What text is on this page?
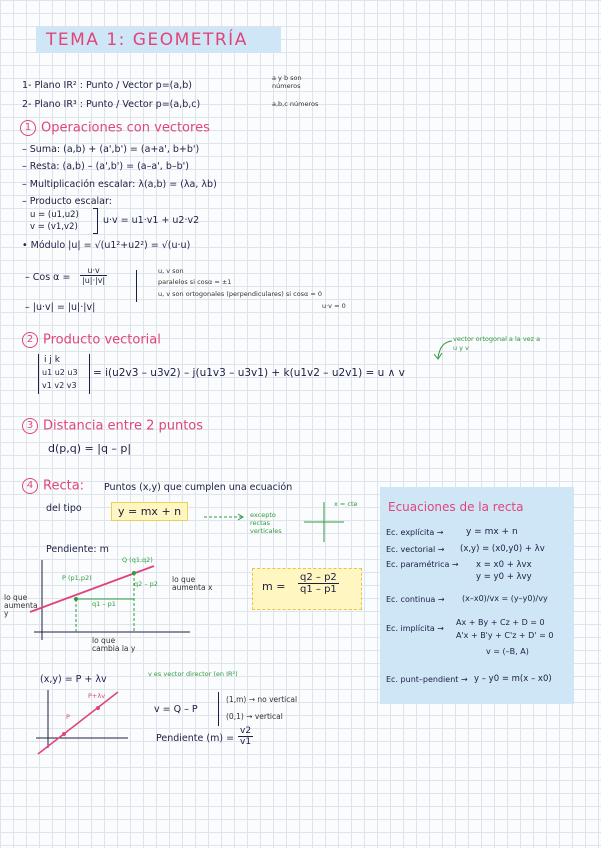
TEMA 1: GEOMETRÍA
1- Plano IR² : Punto / Vector p=(a,b)
a y b son números
2- Plano IR³ : Punto / Vector p=(a,b,c)	a,b,c números
1 Operaciones con vectores
– Suma: (a,b) + (a',b') = (a+a', b+b')
– Resta: (a,b) – (a',b') = (a–a', b–b')
– Multiplicación escalar: λ(a,b) = (λa, λb)
– Producto escalar:
u = (u1,u2)
v = (v1,v2)
u·v = u1·v1 + u2·v2
• Módulo |u| = √(u1²+u2²) = √(u·u)
– Cos $\alpha = \frac{u\cdot v}{|u|\cdot|v|}$	u, v son
paralelos si cosα = ±1
u, v son ortogonales (perpendiculares) si cosα = 0
u·v = 0
– |u·v| = |u|·|v|
2 Producto vectorial
i j k
u1 u2 u3
v1 v2 v3
= i(u2v3 – u3v2) – j(u1v3 – u3v1) + k(u1v2 – u2v1) = u ∧ v
vector ortogonal a la vez a u y v
3 Distancia entre 2 puntos
d(p,q) = |q – p|
4 Recta: Puntos (x,y) que cumplen una ecuación
del tipo	y = mx + n	excepto rectas verticales
x = cte
Pendiente: m
Q (q1,q2)
P (p1,p2)
q2 – p2
q1 – p1
lo que aumenta x
lo que aumenta y
lo que cambia la y
$m = \frac{q2 - p2}{q1 - p1}$
(x,y) = P + λv	v es vector director (en IR²)
P
P+λv
v = Q – P
(1,m) → no vertical
(0,1) → vertical
Pendiente $(m) = \frac{v2}{v1}$
Ecuaciones de la recta
Ec. explícita →	y = mx + n
Ec. vectorial → (x,y) = (x0,y0) + λv
Ec. paramétrica → x = x0 + λvx
y = y0 + λvy
Ec. continua → (x–x0)/vx = (y–y0)/vy
Ec. implícita →
Ax + By + Cz + D = 0
A'x + B'y + C'z + D' = 0
v = (–B, A)
Ec. punt–pendient → y – y0 = m(x – x0)
